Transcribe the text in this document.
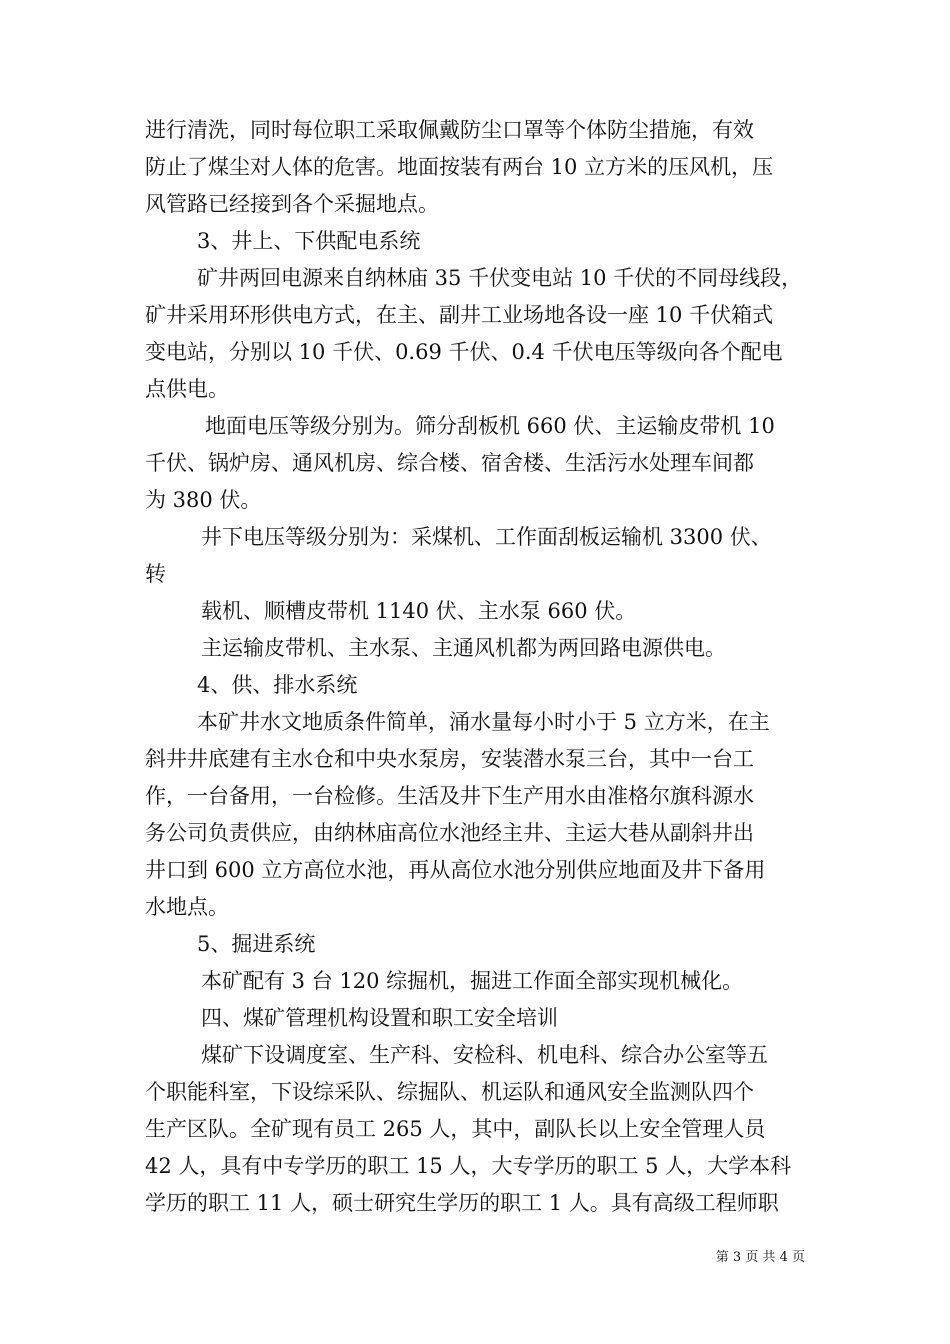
进行清洗，同时每位职工采取佩戴防尘口罩等个体防尘措施，有效

防止了煤尘对人体的危害。地面按装有两台 10 立方米的压风机，压

风管路已经接到各个采掘地点。

3、井上、下供配电系统

矿井两回电源来自纳林庙 35 千伏变电站 10 千伏的不同母线段，

矿井采用环形供电方式，在主、副井工业场地各设一座 10 千伏箱式

变电站，分别以 10 千伏、0.69 千伏、0.4 千伏电压等级向各个配电

点供电。

地面电压等级分别为。筛分刮板机 660 伏、主运输皮带机 10

千伏、锅炉房、通风机房、综合楼、宿舍楼、生活污水处理车间都

为 380 伏。

井下电压等级分别为：采煤机、工作面刮板运输机 3300 伏、

转

载机、顺槽皮带机 1140 伏、主水泵 660 伏。

主运输皮带机、主水泵、主通风机都为两回路电源供电。

4、供、排水系统

本矿井水文地质条件简单，涌水量每小时小于 5 立方米，在主

斜井井底建有主水仓和中央水泵房，安装潜水泵三台，其中一台工

作，一台备用，一台检修。生活及井下生产用水由准格尔旗科源水

务公司负责供应，由纳林庙高位水池经主井、主运大巷从副斜井出

井口到 600 立方高位水池，再从高位水池分别供应地面及井下备用

水地点。

5、掘进系统

本矿配有 3 台 120 综掘机，掘进工作面全部实现机械化。

四、煤矿管理机构设置和职工安全培训

煤矿下设调度室、生产科、安检科、机电科、综合办公室等五

个职能科室，下设综采队、综掘队、机运队和通风安全监测队四个

生产区队。全矿现有员工 265 人，其中，副队长以上安全管理人员

42 人，具有中专学历的职工 15 人，大专学历的职工 5 人，大学本科

学历的职工 11 人，硕士研究生学历的职工 1 人。具有高级工程师职

第 3 页 共 4 页
